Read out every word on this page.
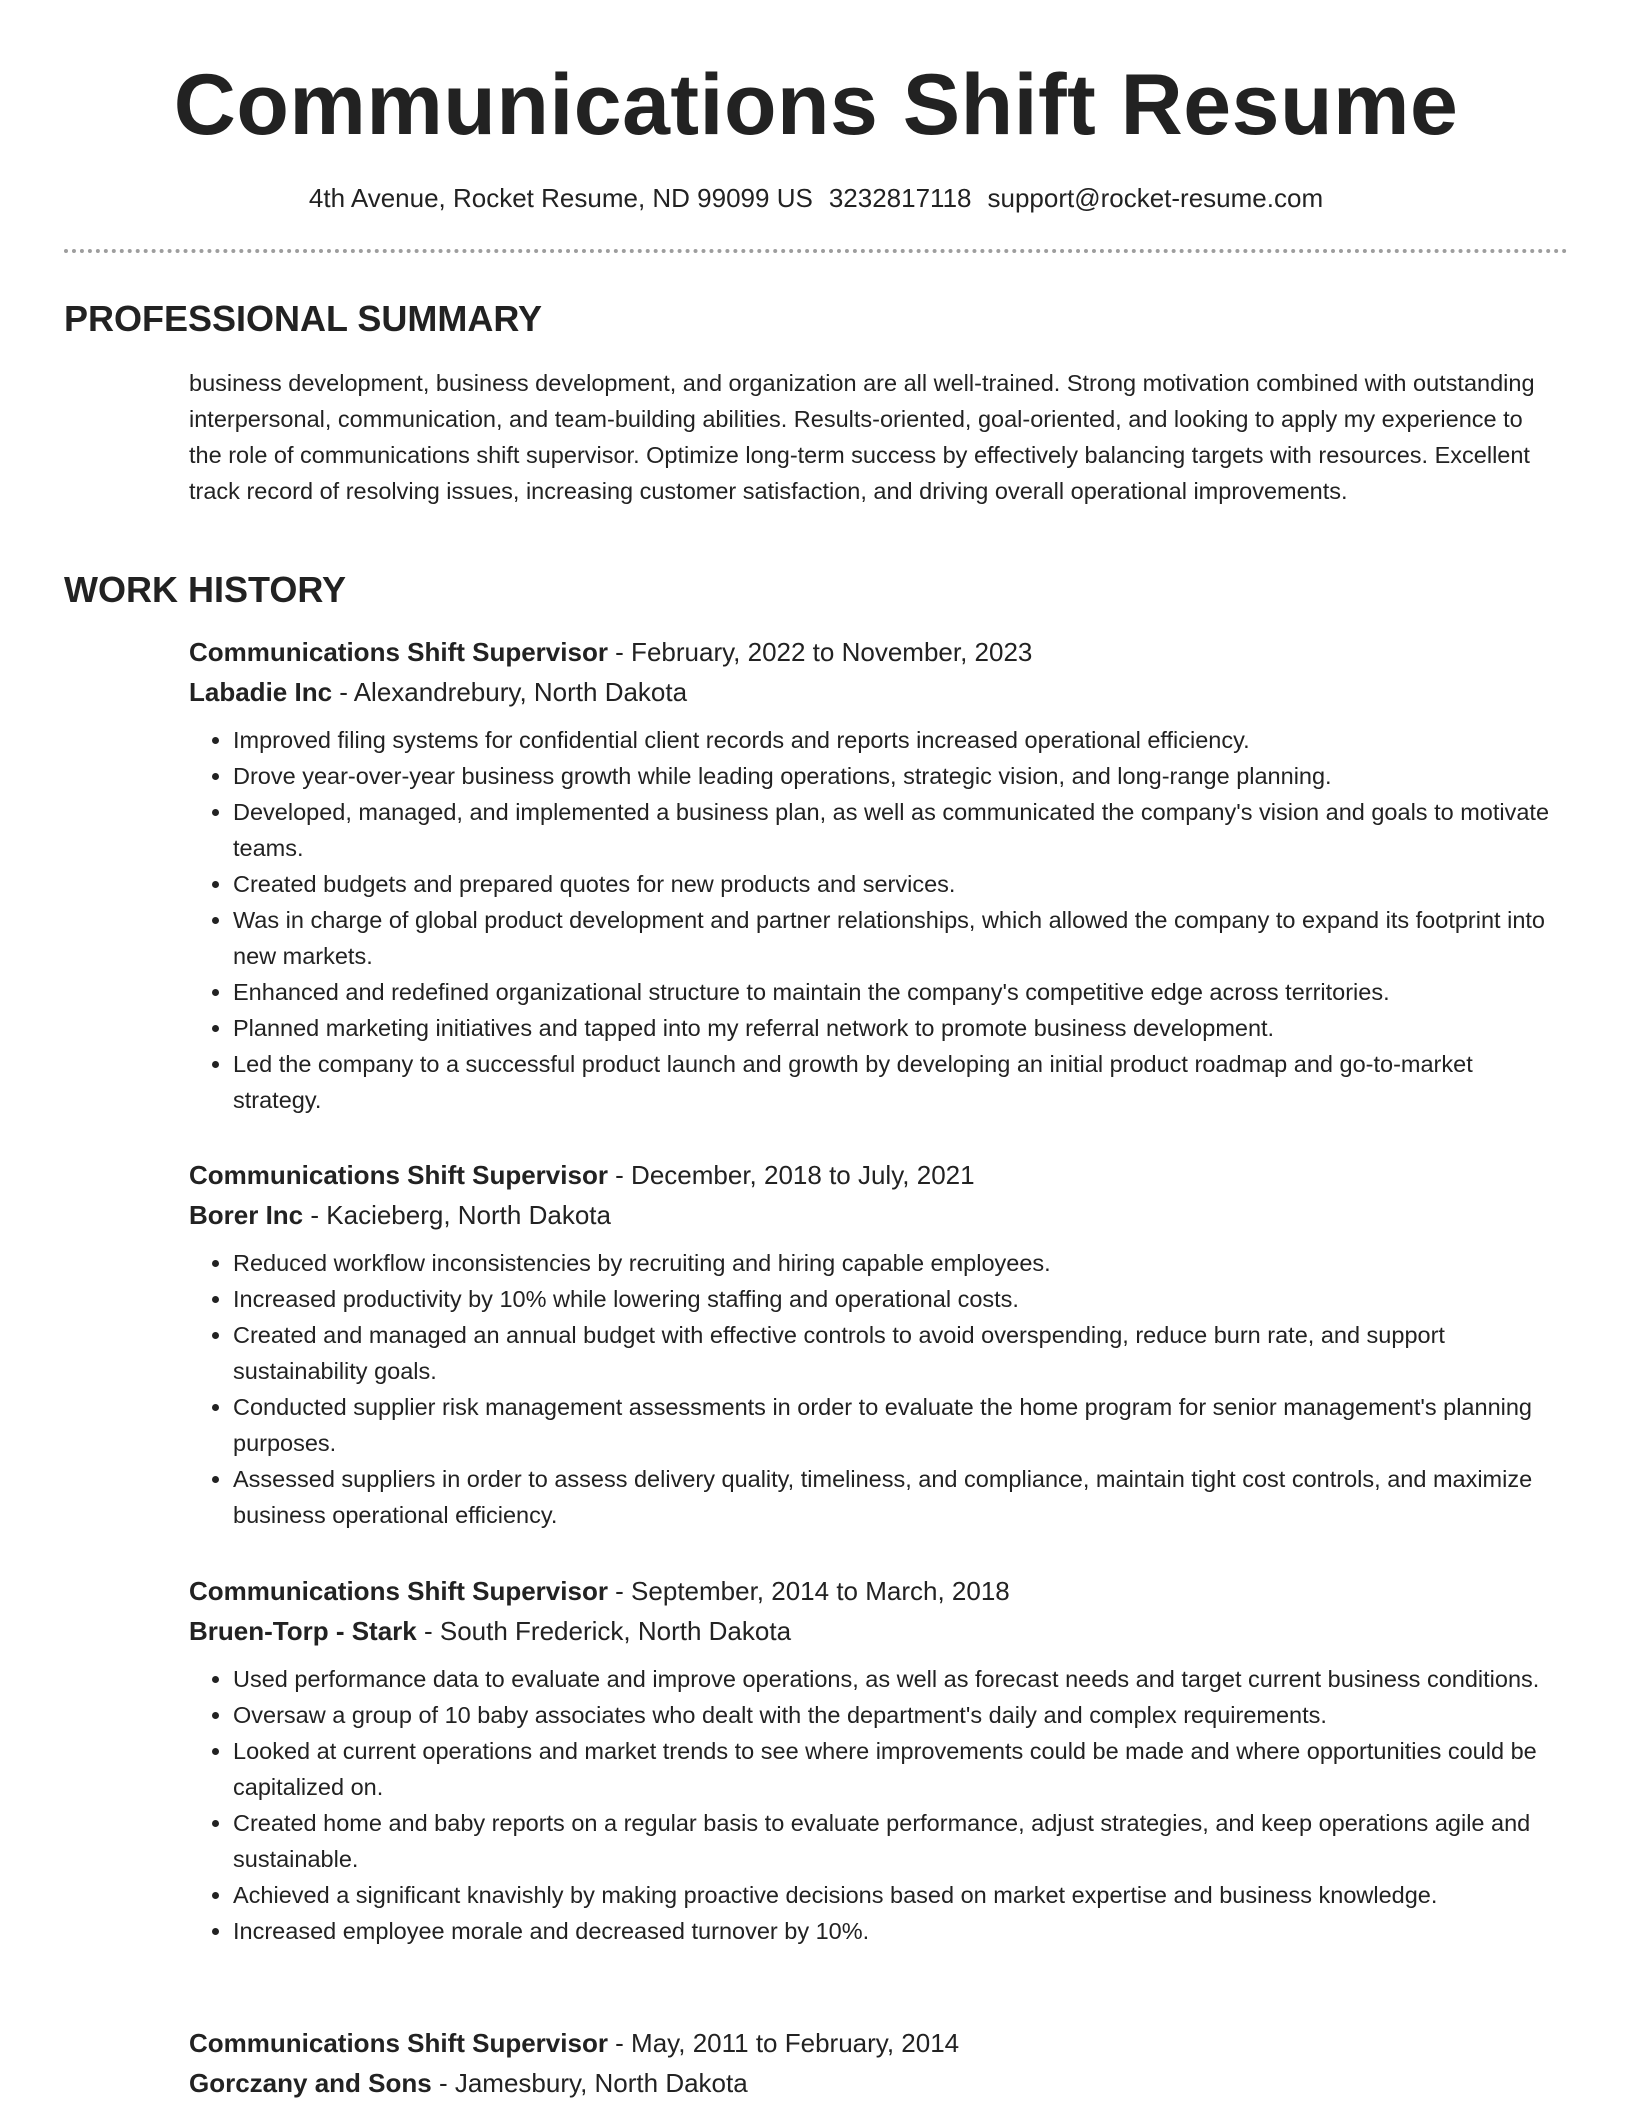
Communications Shift Resume
4th Avenue, Rocket Resume, ND 99099 US 3232817118 support@rocket-resume.com
PROFESSIONAL SUMMARY

business development, business development, and organization are all well-trained. Strong motivation combined with outstanding interpersonal, communication, and team-building abilities. Results-oriented, goal-oriented, and looking to apply my experience to the role of communications shift supervisor. Optimize long-term success by effectively balancing targets with resources. Excellent track record of resolving issues, increasing customer satisfaction, and driving overall operational improvements.

WORK HISTORY
Communications Shift Supervisor - February, 2022 to November, 2023
Labadie Inc - Alexandrebury, North Dakota
• Improved filing systems for confidential client records and reports increased operational efficiency.
• Drove year-over-year business growth while leading operations, strategic vision, and long-range planning.
• Developed, managed, and implemented a business plan, as well as communicated the company's vision and goals to motivate teams.
• Created budgets and prepared quotes for new products and services.
• Was in charge of global product development and partner relationships, which allowed the company to expand its footprint into new markets.
• Enhanced and redefined organizational structure to maintain the company's competitive edge across territories.
• Planned marketing initiatives and tapped into my referral network to promote business development.
• Led the company to a successful product launch and growth by developing an initial product roadmap and go-to-market strategy.
Communications Shift Supervisor - December, 2018 to July, 2021
Borer Inc - Kacieberg, North Dakota
• Reduced workflow inconsistencies by recruiting and hiring capable employees.
• Increased productivity by 10% while lowering staffing and operational costs.
• Created and managed an annual budget with effective controls to avoid overspending, reduce burn rate, and support sustainability goals.
• Conducted supplier risk management assessments in order to evaluate the home program for senior management's planning purposes.
• Assessed suppliers in order to assess delivery quality, timeliness, and compliance, maintain tight cost controls, and maximize business operational efficiency.
Communications Shift Supervisor - September, 2014 to March, 2018
Bruen-Torp - Stark - South Frederick, North Dakota
• Used performance data to evaluate and improve operations, as well as forecast needs and target current business conditions.
• Oversaw a group of 10 baby associates who dealt with the department's daily and complex requirements.
• Looked at current operations and market trends to see where improvements could be made and where opportunities could be capitalized on.
• Created home and baby reports on a regular basis to evaluate performance, adjust strategies, and keep operations agile and sustainable.
• Achieved a significant knavishly by making proactive decisions based on market expertise and business knowledge.
• Increased employee morale and decreased turnover by 10%.
Communications Shift Supervisor - May, 2011 to February, 2014
Gorczany and Sons - Jamesbury, North Dakota
